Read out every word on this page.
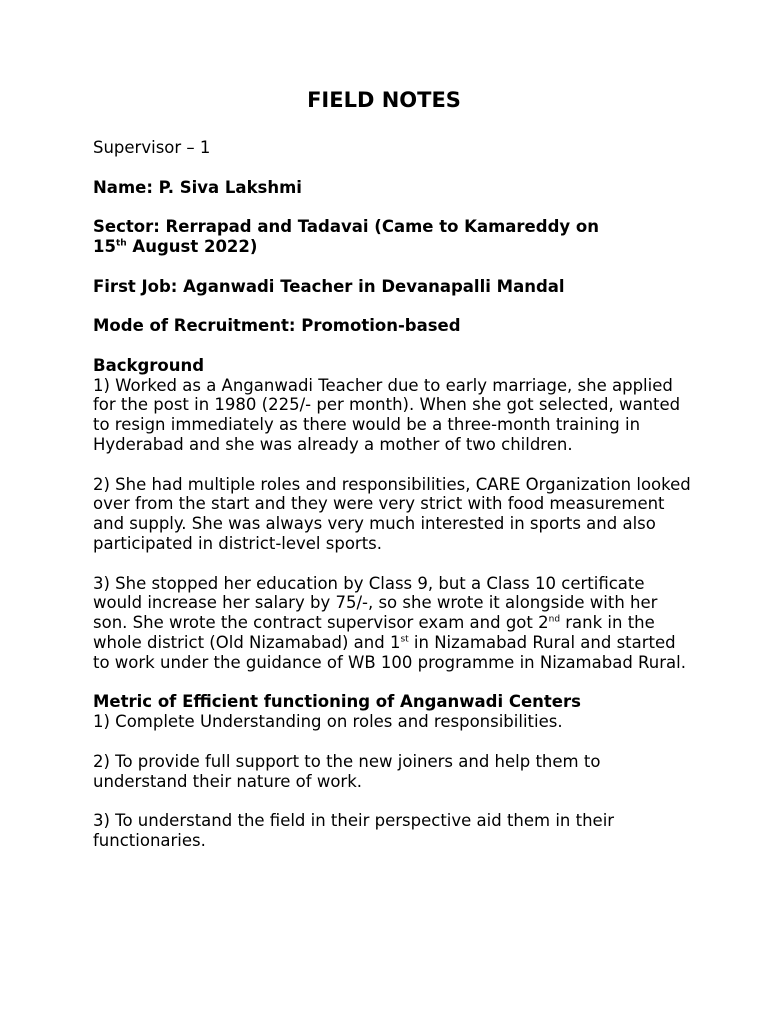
FIELD NOTES

Supervisor – 1

Name: P. Siva Lakshmi

Sector: Rerrapad and Tadavai (Came to Kamareddy on
15th August 2022)

First Job: Aganwadi Teacher in Devanapalli Mandal

Mode of Recruitment: Promotion-based

Background

1) Worked as a Anganwadi Teacher due to early marriage, she applied for the post in 1980 (225/- per month). When she got selected, wanted to resign immediately as there would be a three-month training in Hyderabad and she was already a mother of two children.

2) She had multiple roles and responsibilities, CARE Organization looked over from the start and they were very strict with food measurement and supply. She was always very much interested in sports and also participated in district-level sports.

3) She stopped her education by Class 9, but a Class 10 certificate would increase her salary by 75/-, so she wrote it alongside with her son. She wrote the contract supervisor exam and got 2nd rank in the whole district (Old Nizamabad) and 1st in Nizamabad Rural and started to work under the guidance of WB 100 programme in Nizamabad Rural.

Metric of Efficient functioning of Anganwadi Centers

1) Complete Understanding on roles and responsibilities.

2) To provide full support to the new joiners and help them to understand their nature of work.

3) To understand the field in their perspective aid them in their functionaries.
